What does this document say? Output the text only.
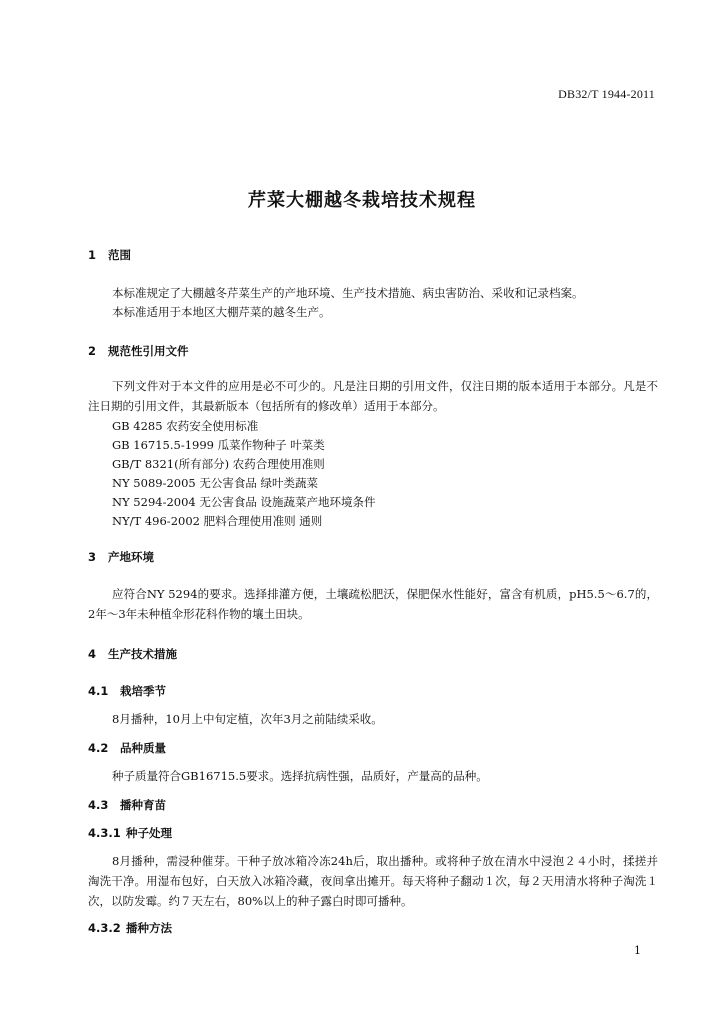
DB32/T 1944-2011
芹菜大棚越冬栽培技术规程
1 范围
本标准规定了大棚越冬芹菜生产的产地环境、生产技术措施、病虫害防治、采收和记录档案。
本标准适用于本地区大棚芹菜的越冬生产。
2 规范性引用文件
下列文件对于本文件的应用是必不可少的。凡是注日期的引用文件，仅注日期的版本适用于本部分。凡是不注日期的引用文件，其最新版本（包括所有的修改单）适用于本部分。
GB 4285 农药安全使用标准
GB 16715.5-1999 瓜菜作物种子 叶菜类
GB/T 8321(所有部分) 农药合理使用准则
NY 5089-2005 无公害食品 绿叶类蔬菜
NY 5294-2004 无公害食品 设施蔬菜产地环境条件
NY/T 496-2002 肥料合理使用准则 通则
3 产地环境
应符合NY 5294的要求。选择排灌方便，土壤疏松肥沃，保肥保水性能好，富含有机质，pH5.5～6.7的，2年～3年未种植伞形花科作物的壤土田块。
4 生产技术措施
4.1 栽培季节
8月播种，10月上中旬定植，次年3月之前陆续采收。
4.2 品种质量
种子质量符合GB16715.5要求。选择抗病性强，品质好，产量高的品种。
4.3 播种育苗
4.3.1 种子处理
8月播种，需浸种催芽。干种子放冰箱冷冻24h后，取出播种。或将种子放在清水中浸泡２４小时，揉搓并淘洗干净。用湿布包好，白天放入冰箱冷藏，夜间拿出摊开。每天将种子翻动１次，每２天用清水将种子淘洗１次，以防发霉。约７天左右，80%以上的种子露白时即可播种。
4.3.2 播种方法
1
